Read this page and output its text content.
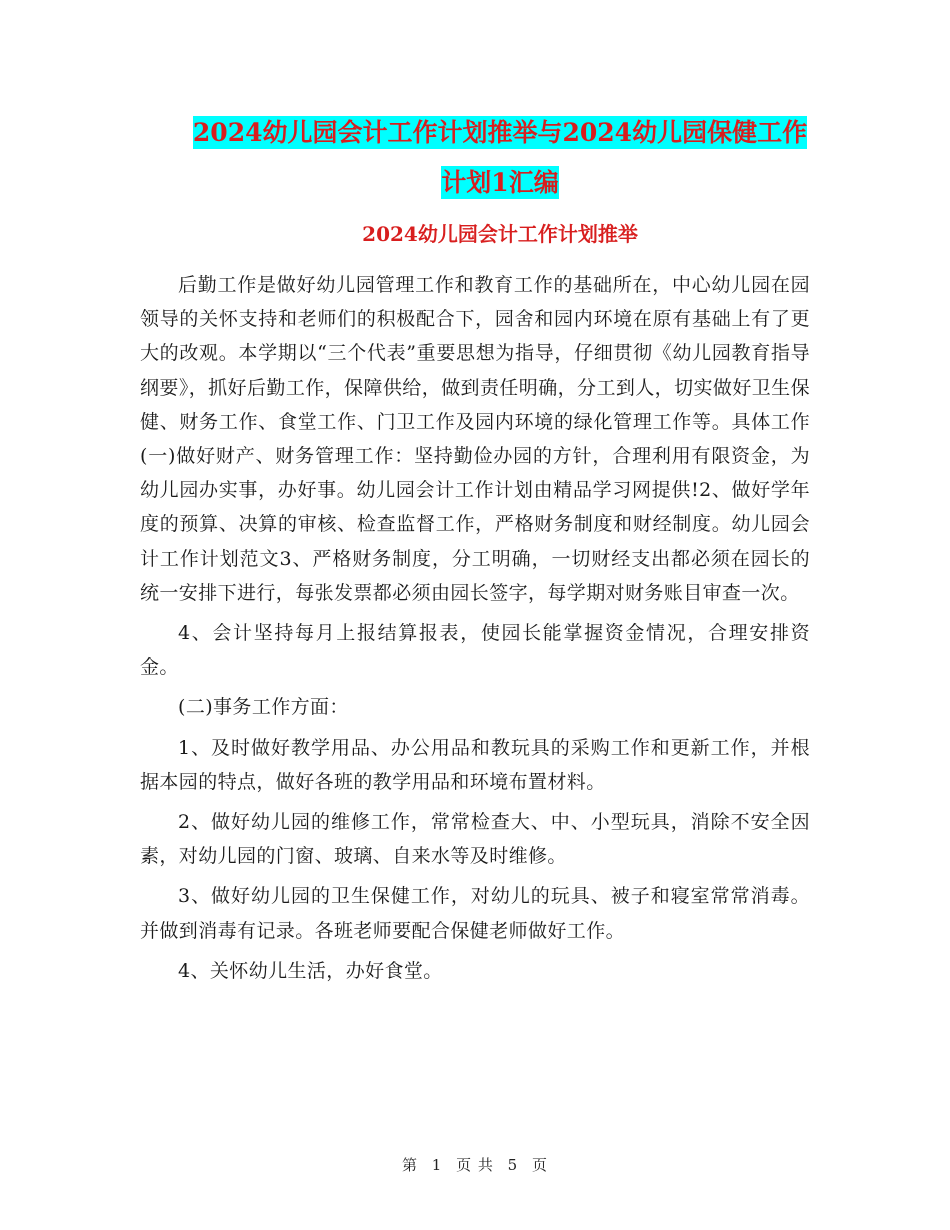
2024幼儿园会计工作计划推举与2024幼儿园保健工作
计划1汇编
2024幼儿园会计工作计划推举

后勤工作是做好幼儿园管理工作和教育工作的基础所在，中心幼儿园在园领导的关怀支持和老师们的积极配合下，园舍和园内环境在原有基础上有了更大的改观。本学期以“三个代表”重要思想为指导，仔细贯彻《幼儿园教育指导纲要》，抓好后勤工作，保障供给，做到责任明确，分工到人，切实做好卫生保健、财务工作、食堂工作、门卫工作及园内环境的绿化管理工作等。具体工作(一)做好财产、财务管理工作：坚持勤俭办园的方针，合理利用有限资金，为幼儿园办实事，办好事。幼儿园会计工作计划由精品学习网提供!2、做好学年度的预算、决算的审核、检查监督工作，严格财务制度和财经制度。幼儿园会计工作计划范文3、严格财务制度，分工明确，一切财经支出都必须在园长的统一安排下进行，每张发票都必须由园长签字，每学期对财务账目审查一次。

4、会计坚持每月上报结算报表，使园长能掌握资金情况，合理安排资金。

(二)事务工作方面：

1、及时做好教学用品、办公用品和教玩具的采购工作和更新工作，并根据本园的特点，做好各班的教学用品和环境布置材料。

2、做好幼儿园的维修工作，常常检查大、中、小型玩具，消除不安全因素，对幼儿园的门窗、玻璃、自来水等及时维修。

3、做好幼儿园的卫生保健工作，对幼儿的玩具、被子和寝室常常消毒。并做到消毒有记录。各班老师要配合保健老师做好工作。

4、关怀幼儿生活，办好食堂。

第 1 页 共 5 页
